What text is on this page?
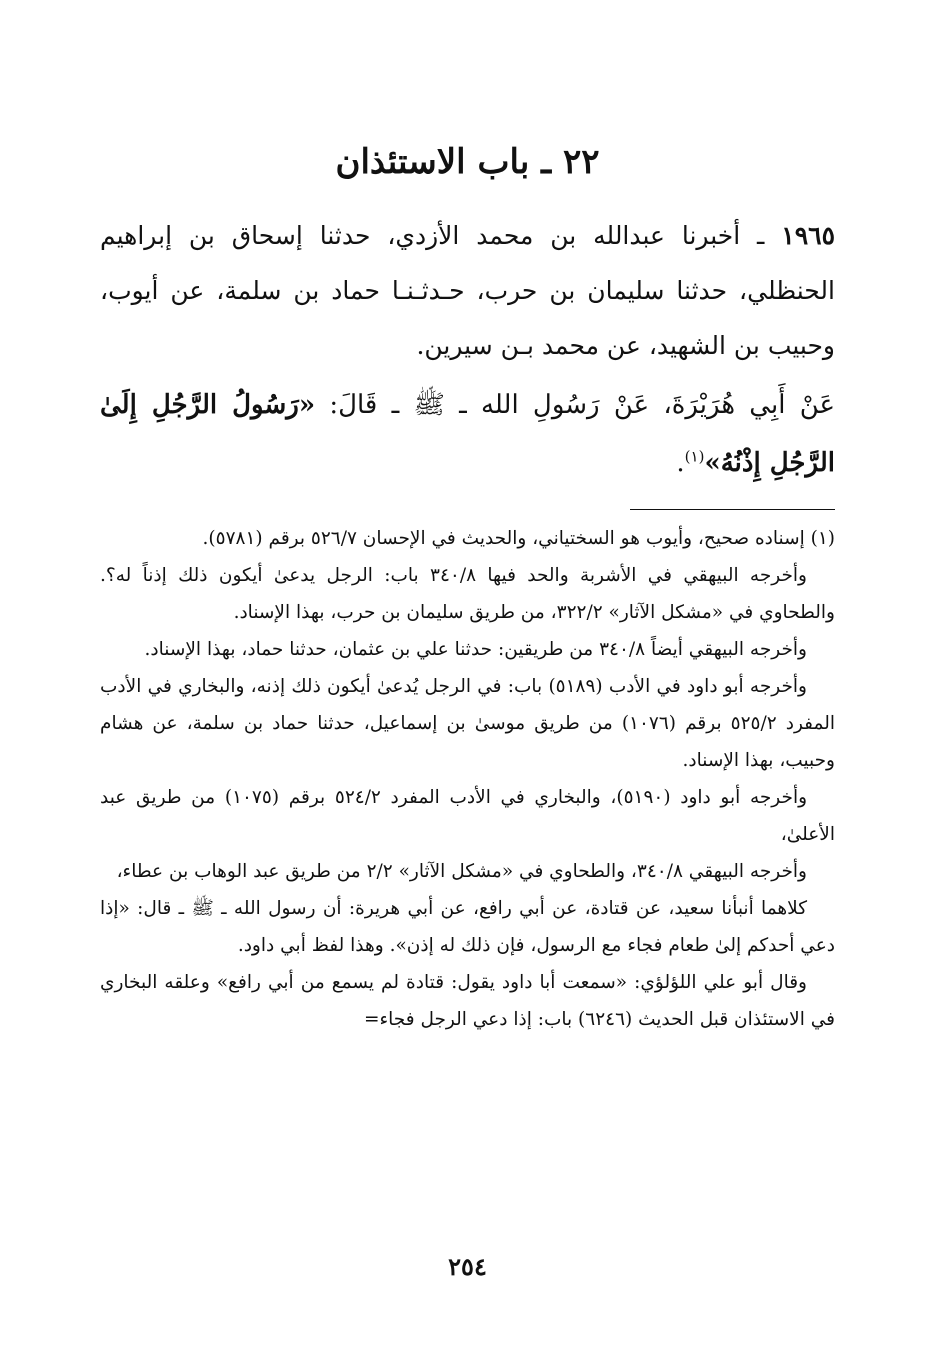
٢٢ ـ باب الاستئذان

١٩٦٥ ـ أخبرنا عبدالله بن محمد الأزدي، حدثنا إسحاق بن إبراهيم الحنظلي، حدثنا سليمان بن حرب، حـدثـنـا حماد بن سلمة، عن أيوب، وحبيب بن الشهيد، عن محمد بـن سيرين.

عَنْ أَبِي هُرَيْرَةَ، عَنْ رَسُولِ الله ـ ﷺ ـ قَالَ: «رَسُولُ الرَّجُلِ إِلَىٰ الرَّجُلِ إِذْنُهُ»$^{(١)}$.

(١) إسناده صحيح، وأيوب هو السختياني، والحديث في الإحسان ٥٢٦/٧ برقم (٥٧٨١).

وأخرجه البيهقي في الأشربة والحد فيها ٣٤٠/٨ باب: الرجل يدعىٰ أيكون ذلك إذناً له؟. والطحاوي في «مشكل الآثار» ٣٢٢/٢، من طريق سليمان بن حرب، بهذا الإسناد.

وأخرجه البيهقي أيضاً ٣٤٠/٨ من طريقين: حدثنا علي بن عثمان، حدثنا حماد، بهذا الإسناد.

وأخرجه أبو داود في الأدب (٥١٨٩) باب: في الرجل يُدعىٰ أيكون ذلك إذنه، والبخاري في الأدب المفرد ٥٢٥/٢ برقم (١٠٧٦) من طريق موسىٰ بن إسماعيل، حدثنا حماد بن سلمة، عن هشام وحبيب، بهذا الإسناد.

وأخرجه أبو داود (٥١٩٠)، والبخاري في الأدب المفرد ٥٢٤/٢ برقم (١٠٧٥) من طريق عبد الأعلىٰ،

وأخرجه البيهقي ٣٤٠/٨، والطحاوي في «مشكل الآثار» ٢/٢ من طريق عبد الوهاب بن عطاء،

كلاهما أنبأنا سعيد، عن قتادة، عن أبي رافع، عن أبي هريرة: أن رسول الله ـ ﷺ ـ قال: «إذا دعي أحدكم إلىٰ طعام فجاء مع الرسول، فإن ذلك له إذن». وهذا لفظ أبي داود.

وقال أبو علي اللؤلؤي: «سمعت أبا داود يقول: قتادة لم يسمع من أبي رافع» وعلقه البخاري في الاستئذان قبل الحديث (٦٢٤٦) باب: إذا دعي الرجل فجاء=

٢٥٤
